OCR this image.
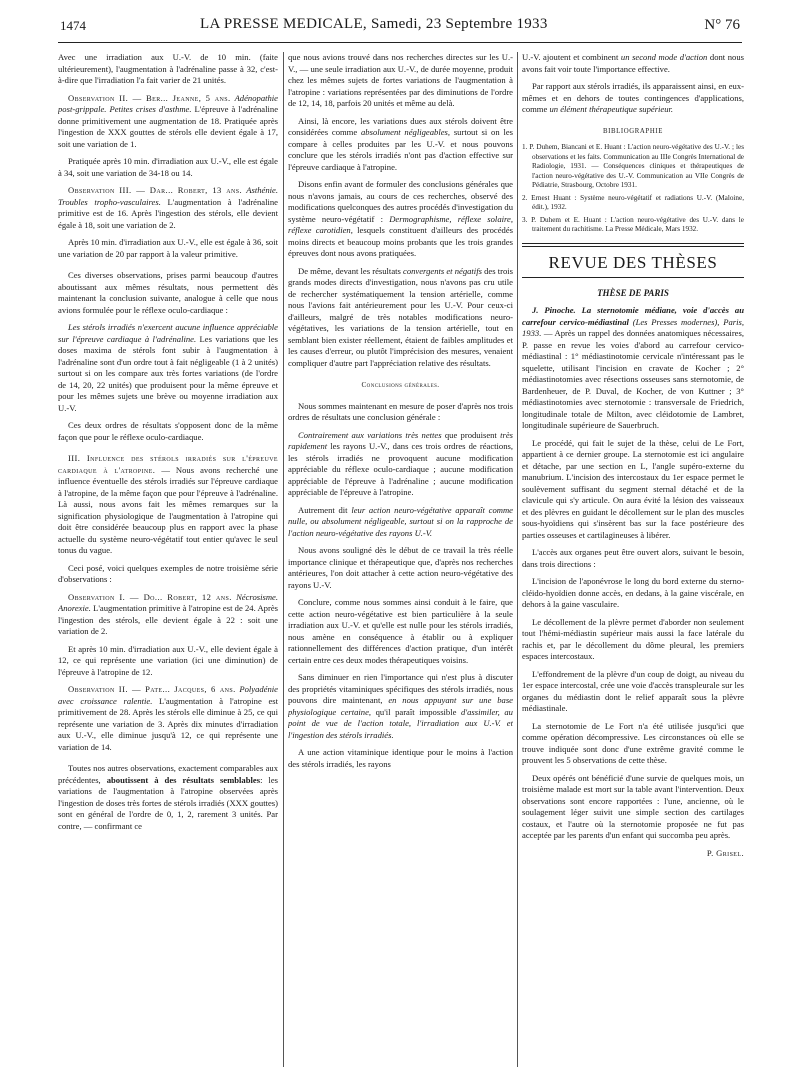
1474	LA PRESSE MEDICALE, Samedi, 23 Septembre 1933	N° 76

Avec une irradiation aux U.-V. de 10 min. (faite ultérieurement), l'augmentation à l'adrénaline passe à 32, c'est-à-dire que l'irradiation l'a fait varier de 21 unités.

Observation II. — Ber... Jeanne, 5 ans. Adénopathie post-grippale. Petites crises d'asthme. L'épreuve à l'adrénaline donne primitivement une augmentation de 18. Pratiquée après l'ingestion de XXX gouttes de stérols elle devient égale à 17, soit une variation de 1.

Pratiquée après 10 min. d'irradiation aux U.-V., elle est égale à 34, soit une variation de 34-18 ou 14.

Observation III. — Dar... Robert, 13 ans. Asthénie. Troubles tropho-vasculaires. L'augmentation à l'adrénaline primitive est de 16. Après l'ingestion des stérols, elle devient égale à 18, soit une variation de 2.

Après 10 min. d'irradiation aux U.-V., elle est égale à 36, soit une variation de 20 par rapport à la valeur primitive.

Ces diverses observations, prises parmi beaucoup d'autres aboutissant aux mêmes résultats, nous permettent dès maintenant la conclusion suivante, analogue à celle que nous avions formulée pour le réflexe oculo-cardiaque :

Les stérols irradiés n'exercent aucune influence appréciable sur l'épreuve cardiaque à l'adrénaline. Les variations que les doses maxima de stérols font subir à l'augmentation à l'adrénaline sont d'un ordre tout à fait négligeable (1 à 2 unités) surtout si on les compare aux très fortes variations (de l'ordre de 14, 20, 22 unités) que produisent pour la même épreuve et pour les mêmes sujets une brève ou moyenne irradiation aux U.-V.

Ces deux ordres de résultats s'opposent donc de la même façon que pour le réflexe oculo-cardiaque.

III. Influence des stérols irradiés sur l'épreuve cardiaque à l'atropine. — Nous avons recherché une influence éventuelle des stérols irradiés sur l'épreuve cardiaque à l'atropine, de la même façon que pour l'épreuve à l'adrénaline. Là aussi, nous avons fait les mêmes remarques sur la signification physiologique de l'augmentation à l'atropine qui doit être considérée beaucoup plus en rapport avec la phase actuelle du système neuro-végétatif tout entier qu'avec le seul tonus du vague.

Ceci posé, voici quelques exemples de notre troisième série d'observations :

Observation I. — Do... Robert, 12 ans. Nécrosisme. Anorexie. L'augmentation primitive à l'atropine est de 24. Après l'ingestion des stérols, elle devient égale à 22 : soit une variation de 2.

Et après 10 min. d'irradiation aux U.-V., elle devient égale à 12, ce qui représente une variation (ici une diminution) de l'épreuve à l'atropine de 12.

Observation II. — Pate... Jacques, 6 ans. Polyadénie avec croissance ralentie. L'augmentation à l'atropine est primitivement de 28. Après les stérols elle diminue à 25, ce qui représente une variation de 3. Après dix minutes d'irradiation aux U.-V., elle diminue jusqu'à 12, ce qui représente une variation de 14.

Toutes nos autres observations, exactement comparables aux précédentes, aboutissent à des résultats semblables: les variations de l'augmentation à l'atropine observées après l'ingestion de doses très fortes de stérols irradiés (XXX gouttes) sont en général de l'ordre de 0, 1, 2, rarement 3 unités. Par contre, — confirmant ce

que nous avions trouvé dans nos recherches directes sur les U.-V., — une seule irradiation aux U.-V., de durée moyenne, produit chez les mêmes sujets de fortes variations de l'augmentation à l'atropine : variations représentées par des diminutions de l'ordre de 12, 14, 18, parfois 20 unités et même au delà.

Ainsi, là encore, les variations dues aux stérols doivent être considérées comme absolument négligeables, surtout si on les compare à celles produites par les U.-V. et nous pouvons conclure que les stérols irradiés n'ont pas d'action effective sur l'épreuve cardiaque à l'atropine.

Disons enfin avant de formuler des conclusions générales que nous n'avons jamais, au cours de ces recherches, observé des modifications quelconques des autres procédés d'investigation du système neuro-végétatif : Dermographisme, réflexe solaire, réflexe carotidien, lesquels constituent d'ailleurs des procédés moins directs et beaucoup moins probants que les trois grandes épreuves dont nous avons pratiquées.

De même, devant les résultats convergents et négatifs des trois grands modes directs d'investigation, nous n'avons pas cru utile de rechercher systématiquement la tension artérielle, comme nous l'avions fait antérieurement pour les U.-V. Pour ceux-ci d'ailleurs, malgré de très notables modifications neuro-végétatives, les variations de la tension artérielle, tout en semblant bien exister réellement, étaient de faibles amplitudes et les causes d'erreur, ou plutôt l'imprécision des mesures, venaient compliquer d'autre part l'appréciation relative des résultats.

Conclusions générales.

Nous sommes maintenant en mesure de poser d'après nos trois ordres de résultats une conclusion générale :

Contrairement aux variations très nettes que produisent très rapidement les rayons U.-V., dans ces trois ordres de réactions, les stérols irradiés ne provoquent aucune modification appréciable du réflexe oculo-cardiaque ; aucune modification appréciable de l'épreuve à l'adrénaline ; aucune modification appréciable de l'épreuve à l'atropine.

Autrement dit leur action neuro-végétative apparaît comme nulle, ou absolument négligeable, surtout si on la rapproche de l'action neuro-végétative des rayons U.-V.

Nous avons souligné dès le début de ce travail la très réelle importance clinique et thérapeutique que, d'après nos recherches antérieures, l'on doit attacher à cette action neuro-végétative des rayons U.-V.

Conclure, comme nous sommes ainsi conduit à le faire, que cette action neuro-végétative est bien particulière à la seule irradiation aux U.-V. et qu'elle est nulle pour les stérols irradiés, nous amène en conséquence à établir ou à expliquer rationnellement des différences d'action pratique, d'un intérêt certain entre ces deux modes thérapeutiques voisins.

Sans diminuer en rien l'importance qui n'est plus à discuter des propriétés vitaminiques spécifiques des stérols irradiés, nous pouvons dire maintenant, en nous appuyant sur une base physiologique certaine, qu'il paraît impossible d'assimiler, au point de vue de l'action totale, l'irradiation aux U.-V. et l'ingestion des stérols irradiés.

A une action vitaminique identique pour le moins à l'action des stérols irradiés, les rayons

U.-V. ajoutent et combinent un second mode d'action dont nous avons fait voir toute l'importance effective.

Par rapport aux stérols irradiés, ils apparaissent ainsi, en eux-mêmes et en dehors de toutes contingences d'applications, comme un élément thérapeutique supérieur.

BIBLIOGRAPHIE

1. P. Duhem, Biancani et E. Huant : L'action neuro-végétative des U.-V. ; les observations et les faits. Communication au IIIe Congrès International de Radiologie, 1931. — Conséquences cliniques et thérapeutiques de l'action neuro-végétative des U.-V. Communication au VIIe Congrès de Pédiatrie, Strasbourg, Octobre 1931.

2. Ernest Huant : Système neuro-végétatif et radiations U.-V. (Maloine, édit.), 1932.

3. P. Duhem et E. Huant : L'action neuro-végétative des U.-V. dans le traitement du rachitisme. La Presse Médicale, Mars 1932.

REVUE DES THÈSES
THÈSE DE PARIS

J. Pinoche. La sternotomie médiane, voie d'accès au carrefour cervico-médiastinal (Les Presses modernes), Paris, 1933. — Après un rappel des données anatomiques nécessaires, P. passe en revue les voies d'abord au carrefour cervico-médiastinal : 1° médiastinotomie cervicale n'intéressant pas le squelette, utilisant l'incision en cravate de Kocher ; 2° médiastinotomies avec résections osseuses sans sternotomie, de Bardenheuer, de P. Duval, de Kocher, de von Kuttner ; 3° médiastinotomies avec sternotomie : transversale de Friedrich, longitudinale totale de Milton, avec cléidotomie de Lambret, longitudinale supérieure de Sauerbruch.

Le procédé, qui fait le sujet de la thèse, celui de Le Fort, appartient à ce dernier groupe. La sternotomie est ici angulaire et détache, par une section en L, l'angle supéro-externe du manubrium. L'incision des intercostaux du 1er espace permet le soulèvement suffisant du segment sternal détaché et de la clavicule qui s'y articule. On aura évité la lésion des vaisseaux et des plèvres en guidant le décollement sur le plan des muscles sous-hyoïdiens qui s'insèrent bas sur la face postérieure des parties osseuses et cartilagineuses à libérer.

L'accès aux organes peut être ouvert alors, suivant le besoin, dans trois directions :

L'incision de l'aponévrose le long du bord externe du sterno-cléido-hyoïdien donne accès, en dedans, à la gaine viscérale, en dehors à la gaine vasculaire.

Le décollement de la plèvre permet d'aborder non seulement tout l'hémi-médiastin supérieur mais aussi la face latérale du rachis et, par le décollement du dôme pleural, les premiers espaces intercostaux.

L'effondrement de la plèvre d'un coup de doigt, au niveau du 1er espace intercostal, crée une voie d'accès transpleurale sur les organes du médiastin dont le relief apparaît sous la plèvre médiastinale.

La sternotomie de Le Fort n'a été utilisée jusqu'ici que comme opération décompressive. Les circonstances où elle se trouve indiquée sont donc d'une extrême gravité comme le prouvent les 5 observations de cette thèse.

Deux opérés ont bénéficié d'une survie de quelques mois, un troisième malade est mort sur la table avant l'intervention. Deux observations sont encore rapportées : l'une, ancienne, où le soulagement léger suivit une simple section des cartilages costaux, et l'autre où la sternotomie proposée ne fut pas acceptée par les parents d'un enfant qui succomba peu après.

P. Grisel.
